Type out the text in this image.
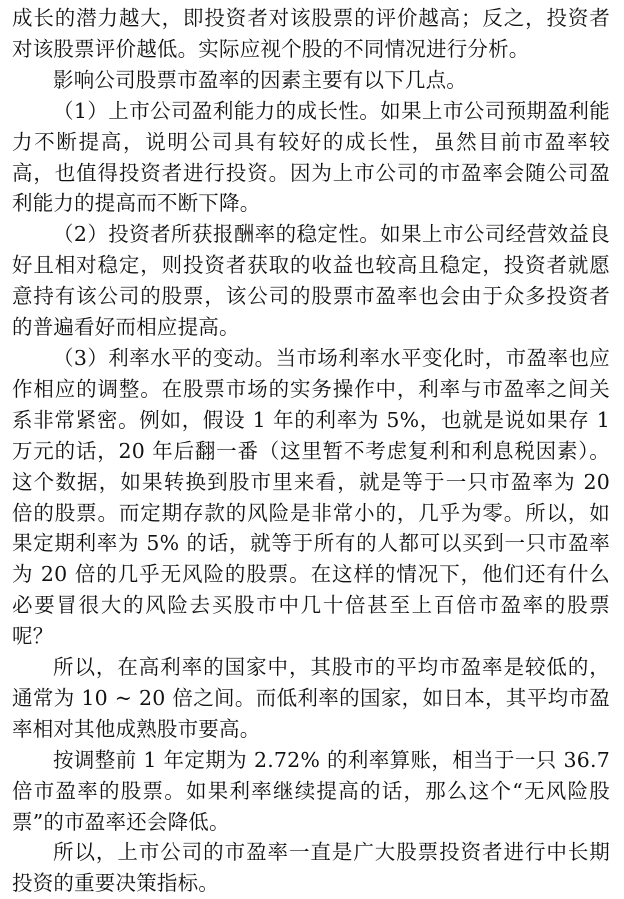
成长的潜力越大，即投资者对该股票的评价越高；反之，投资者对该股票评价越低。实际应视个股的不同情况进行分析。

影响公司股票市盈率的因素主要有以下几点。

（1）上市公司盈利能力的成长性。如果上市公司预期盈利能力不断提高，说明公司具有较好的成长性，虽然目前市盈率较高，也值得投资者进行投资。因为上市公司的市盈率会随公司盈利能力的提高而不断下降。

（2）投资者所获报酬率的稳定性。如果上市公司经营效益良好且相对稳定，则投资者获取的收益也较高且稳定，投资者就愿意持有该公司的股票，该公司的股票市盈率也会由于众多投资者的普遍看好而相应提高。

（3）利率水平的变动。当市场利率水平变化时，市盈率也应作相应的调整。在股票市场的实务操作中，利率与市盈率之间关系非常紧密。例如，假设 1 年的利率为 5%，也就是说如果存 1 万元的话，20 年后翻一番（这里暂不考虑复利和利息税因素）。这个数据，如果转换到股市里来看，就是等于一只市盈率为 20 倍的股票。而定期存款的风险是非常小的，几乎为零。所以，如果定期利率为 5% 的话，就等于所有的人都可以买到一只市盈率为 20 倍的几乎无风险的股票。在这样的情况下，他们还有什么必要冒很大的风险去买股市中几十倍甚至上百倍市盈率的股票呢？

所以，在高利率的国家中，其股市的平均市盈率是较低的，通常为 10 ~ 20 倍之间。而低利率的国家，如日本，其平均市盈率相对其他成熟股市要高。

按调整前 1 年定期为 2.72% 的利率算账，相当于一只 36.7 倍市盈率的股票。如果利率继续提高的话，那么这个“无风险股票”的市盈率还会降低。

所以，上市公司的市盈率一直是广大股票投资者进行中长期投资的重要决策指标。
